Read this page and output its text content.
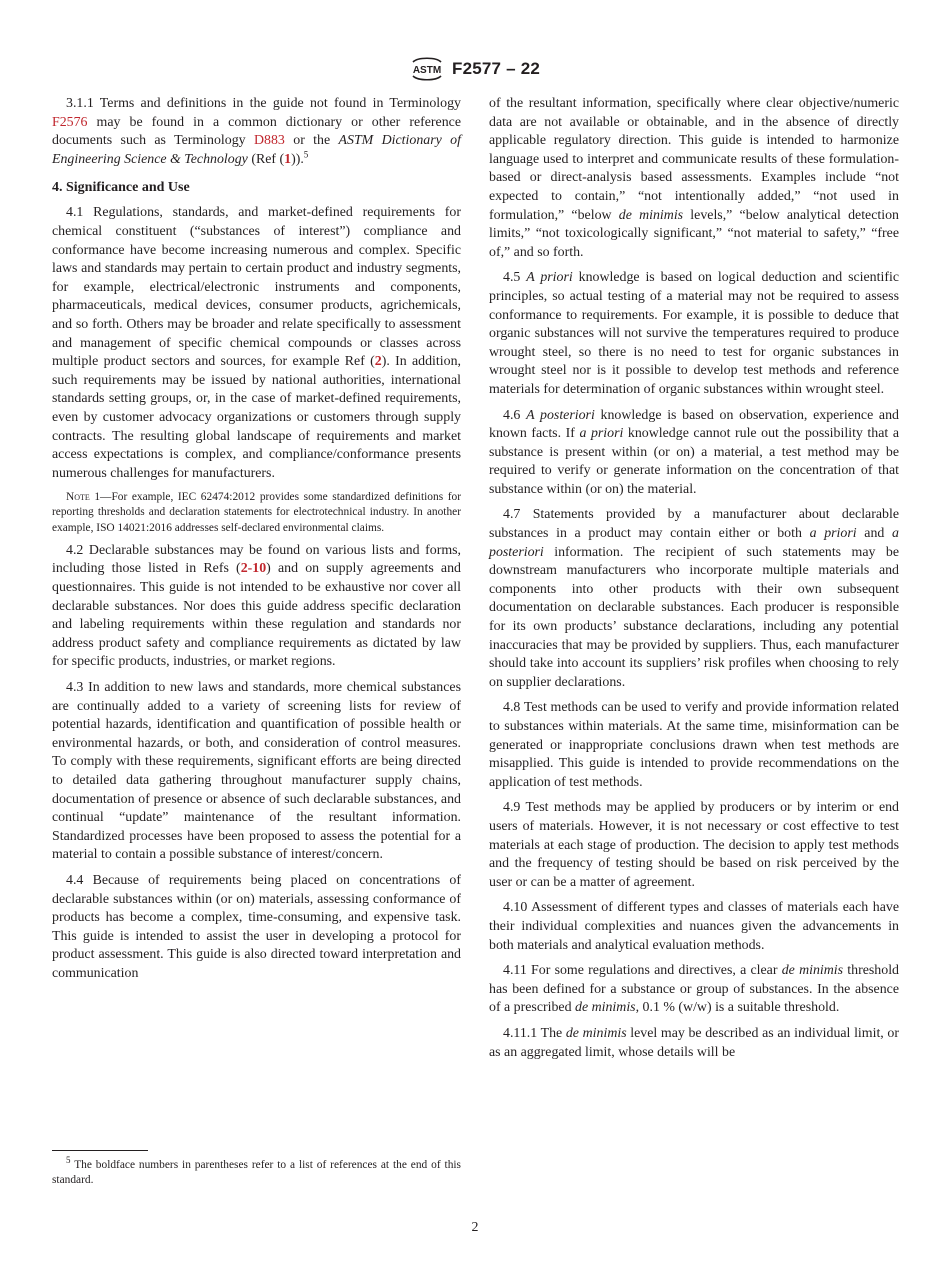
ASTM F2577 – 22

3.1.1 Terms and definitions in the guide not found in Terminology F2576 may be found in a common dictionary or other reference documents such as Terminology D883 or the ASTM Dictionary of Engineering Science & Technology (Ref (1)).$^5$

4. Significance and Use

4.1 Regulations, standards, and market-defined requirements for chemical constituent (“substances of interest”) compliance and conformance have become increasing numerous and complex. Specific laws and standards may pertain to certain product and industry segments, for example, electrical/electronic instruments and components, pharmaceuticals, medical devices, consumer products, agrichemicals, and so forth. Others may be broader and relate specifically to assessment and management of specific chemical compounds or classes across multiple product sectors and sources, for example Ref (2). In addition, such requirements may be issued by national authorities, international standards setting groups, or, in the case of market-defined requirements, even by customer advocacy organizations or customers through supply contracts. The resulting global landscape of requirements and market access expectations is complex, and compliance/conformance presents numerous challenges for manufacturers.

Note 1—For example, IEC 62474:2012 provides some standardized definitions for reporting thresholds and declaration statements for electrotechnical industry. In another example, ISO 14021:2016 addresses self-declared environmental claims.

4.2 Declarable substances may be found on various lists and forms, including those listed in Refs (2-10) and on supply agreements and questionnaires. This guide is not intended to be exhaustive nor cover all declarable substances. Nor does this guide address specific declaration and labeling requirements within these regulation and standards nor address product safety and compliance requirements as dictated by law for specific products, industries, or market regions.

4.3 In addition to new laws and standards, more chemical substances are continually added to a variety of screening lists for review of potential hazards, identification and quantification of possible health or environmental hazards, or both, and consideration of control measures. To comply with these requirements, significant efforts are being directed to detailed data gathering throughout manufacturer supply chains, documentation of presence or absence of such declarable substances, and continual “update” maintenance of the resultant information. Standardized processes have been proposed to assess the potential for a material to contain a possible substance of interest/concern.

4.4 Because of requirements being placed on concentrations of declarable substances within (or on) materials, assessing conformance of products has become a complex, time-consuming, and expensive task. This guide is intended to assist the user in developing a protocol for product assessment. This guide is also directed toward interpretation and communication

$^5$ The boldface numbers in parentheses refer to a list of references at the end of this standard.

of the resultant information, specifically where clear objective/numeric data are not available or obtainable, and in the absence of directly applicable regulatory direction. This guide is intended to harmonize language used to interpret and communicate results of these formulation-based or direct-analysis based assessments. Examples include “not expected to contain,” “not intentionally added,” “not used in formulation,” “below de minimis levels,” “below analytical detection limits,” “not toxicologically significant,” “not material to safety,” “free of,” and so forth.

4.5 A priori knowledge is based on logical deduction and scientific principles, so actual testing of a material may not be required to assess conformance to requirements. For example, it is possible to deduce that organic substances will not survive the temperatures required to produce wrought steel, so there is no need to test for organic substances in wrought steel nor is it possible to develop test methods and reference materials for determination of organic substances within wrought steel.

4.6 A posteriori knowledge is based on observation, experience and known facts. If a priori knowledge cannot rule out the possibility that a substance is present within (or on) a material, a test method may be required to verify or generate information on the concentration of that substance within (or on) the material.

4.7 Statements provided by a manufacturer about declarable substances in a product may contain either or both a priori and a posteriori information. The recipient of such statements may be downstream manufacturers who incorporate multiple materials and components into other products with their own subsequent documentation on declarable substances. Each producer is responsible for its own products’ substance declarations, including any potential inaccuracies that may be provided by suppliers. Thus, each manufacturer should take into account its suppliers’ risk profiles when choosing to rely on supplier declarations.

4.8 Test methods can be used to verify and provide information related to substances within materials. At the same time, misinformation can be generated or inappropriate conclusions drawn when test methods are misapplied. This guide is intended to provide recommendations on the application of test methods.

4.9 Test methods may be applied by producers or by interim or end users of materials. However, it is not necessary or cost effective to test materials at each stage of production. The decision to apply test methods and the frequency of testing should be based on risk perceived by the user or can be a matter of agreement.

4.10 Assessment of different types and classes of materials each have their individual complexities and nuances given the advancements in both materials and analytical evaluation methods.

4.11 For some regulations and directives, a clear de minimis threshold has been defined for a substance or group of substances. In the absence of a prescribed de minimis, 0.1 % (w/w) is a suitable threshold.

4.11.1 The de minimis level may be described as an individual limit, or as an aggregated limit, whose details will be

2
